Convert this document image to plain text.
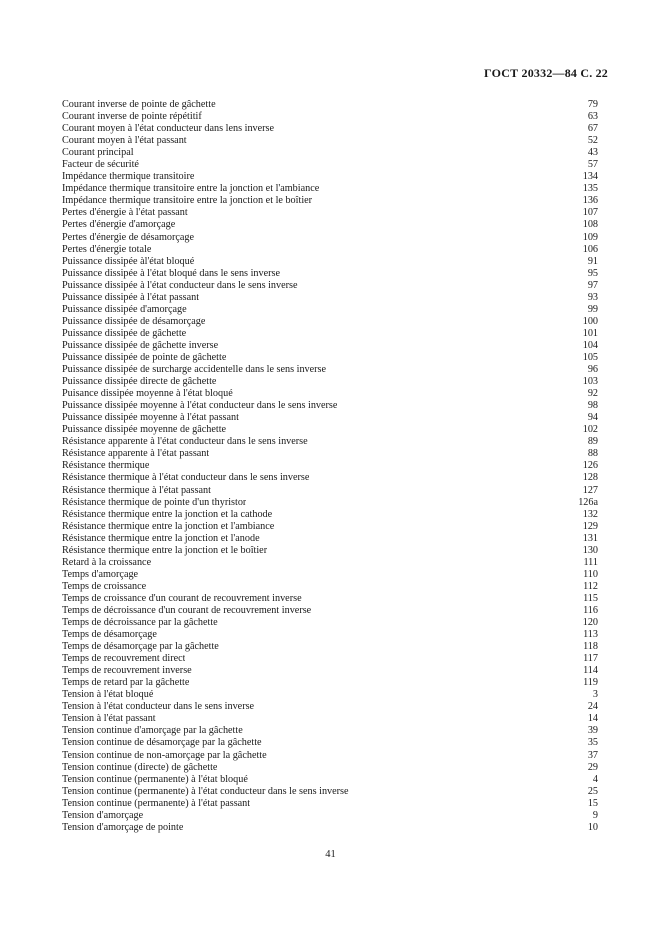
ГОСТ 20332—84 С. 22
Courant inverse de pointe de gâchette	79
Courant inverse de pointe répétitif	63
Courant moyen à l'état conducteur dans lens inverse	67
Courant moyen à l'état passant	52
Courant principal	43
Facteur de sécurité	57
Impédance thermique transitoire	134
Impédance thermique transitoire entre la jonction et l'ambiance	135
Impédance thermique transitoire entre la jonction et le boîtier	136
Pertes d'énergie à l'état passant	107
Pertes d'énergie d'amorçage	108
Pertes d'énergie de désamorçage	109
Pertes d'énergie totale	106
Puissance dissipée àl'état bloqué	91
Puissance dissipée à l'état bloqué dans le sens inverse	95
Puissance dissipée à l'état conducteur dans le sens inverse	97
Puissance dissipée à l'état passant	93
Puissance dissipée d'amorçage	99
Puissance dissipée de désamorçage	100
Puissance dissipée de gâchette	101
Puissance dissipée de gâchette inverse	104
Puissance dissipée de pointe de gâchette	105
Puissance dissipée de surcharge accidentelle dans le sens inverse	96
Puissance dissipée directe de gâchette	103
Puisance dissipée moyenne à l'état bloqué	92
Puissance dissipée moyenne à l'état conducteur dans le sens inverse	98
Puissance dissipée moyenne à l'état passant	94
Puissance dissipée moyenne de gâchette	102
Résistance apparente à l'état conducteur dans le sens inverse	89
Résistance apparente à l'état passant	88
Résistance thermique	126
Résistance thermique à l'état conducteur dans le sens inverse	128
Résistance thermique à l'état passant	127
Résistance thermique de pointe d'un thyristor	126a
Résistance thermique entre la jonction et la cathode	132
Résistance thermique entre la jonction et l'ambiance	129
Résistance thermique entre la jonction et l'anode	131
Résistance thermique entre la jonction et le boîtier	130
Retard à la croissance	111
Temps d'amorçage	110
Temps de croissance	112
Temps de croissance d'un courant de recouvrement inverse	115
Temps de décroissance d'un courant de recouvrement inverse	116
Temps de décroissance par la gâchette	120
Temps de désamorçage	113
Temps de désamorçage par la gâchette	118
Temps de recouvrement direct	117
Temps de recouvrement inverse	114
Temps de retard par la gâchette	119
Tension à l'état bloqué	3
Tension à l'état conducteur dans le sens inverse	24
Tension à l'état passant	14
Tension continue d'amorçage par la gâchette	39
Tension continue de désamorçage par la gâchette	35
Tension continue de non-amorçage par la gâchette	37
Tension continue (directe) de gâchette	29
Tension continue (permanente) à l'état bloqué	4
Tension continue (permanente) à l'état conducteur dans le sens inverse	25
Tension continue (permanente) à l'état passant	15
Tension d'amorçage	9
Tension d'amorçage de pointe	10
41
